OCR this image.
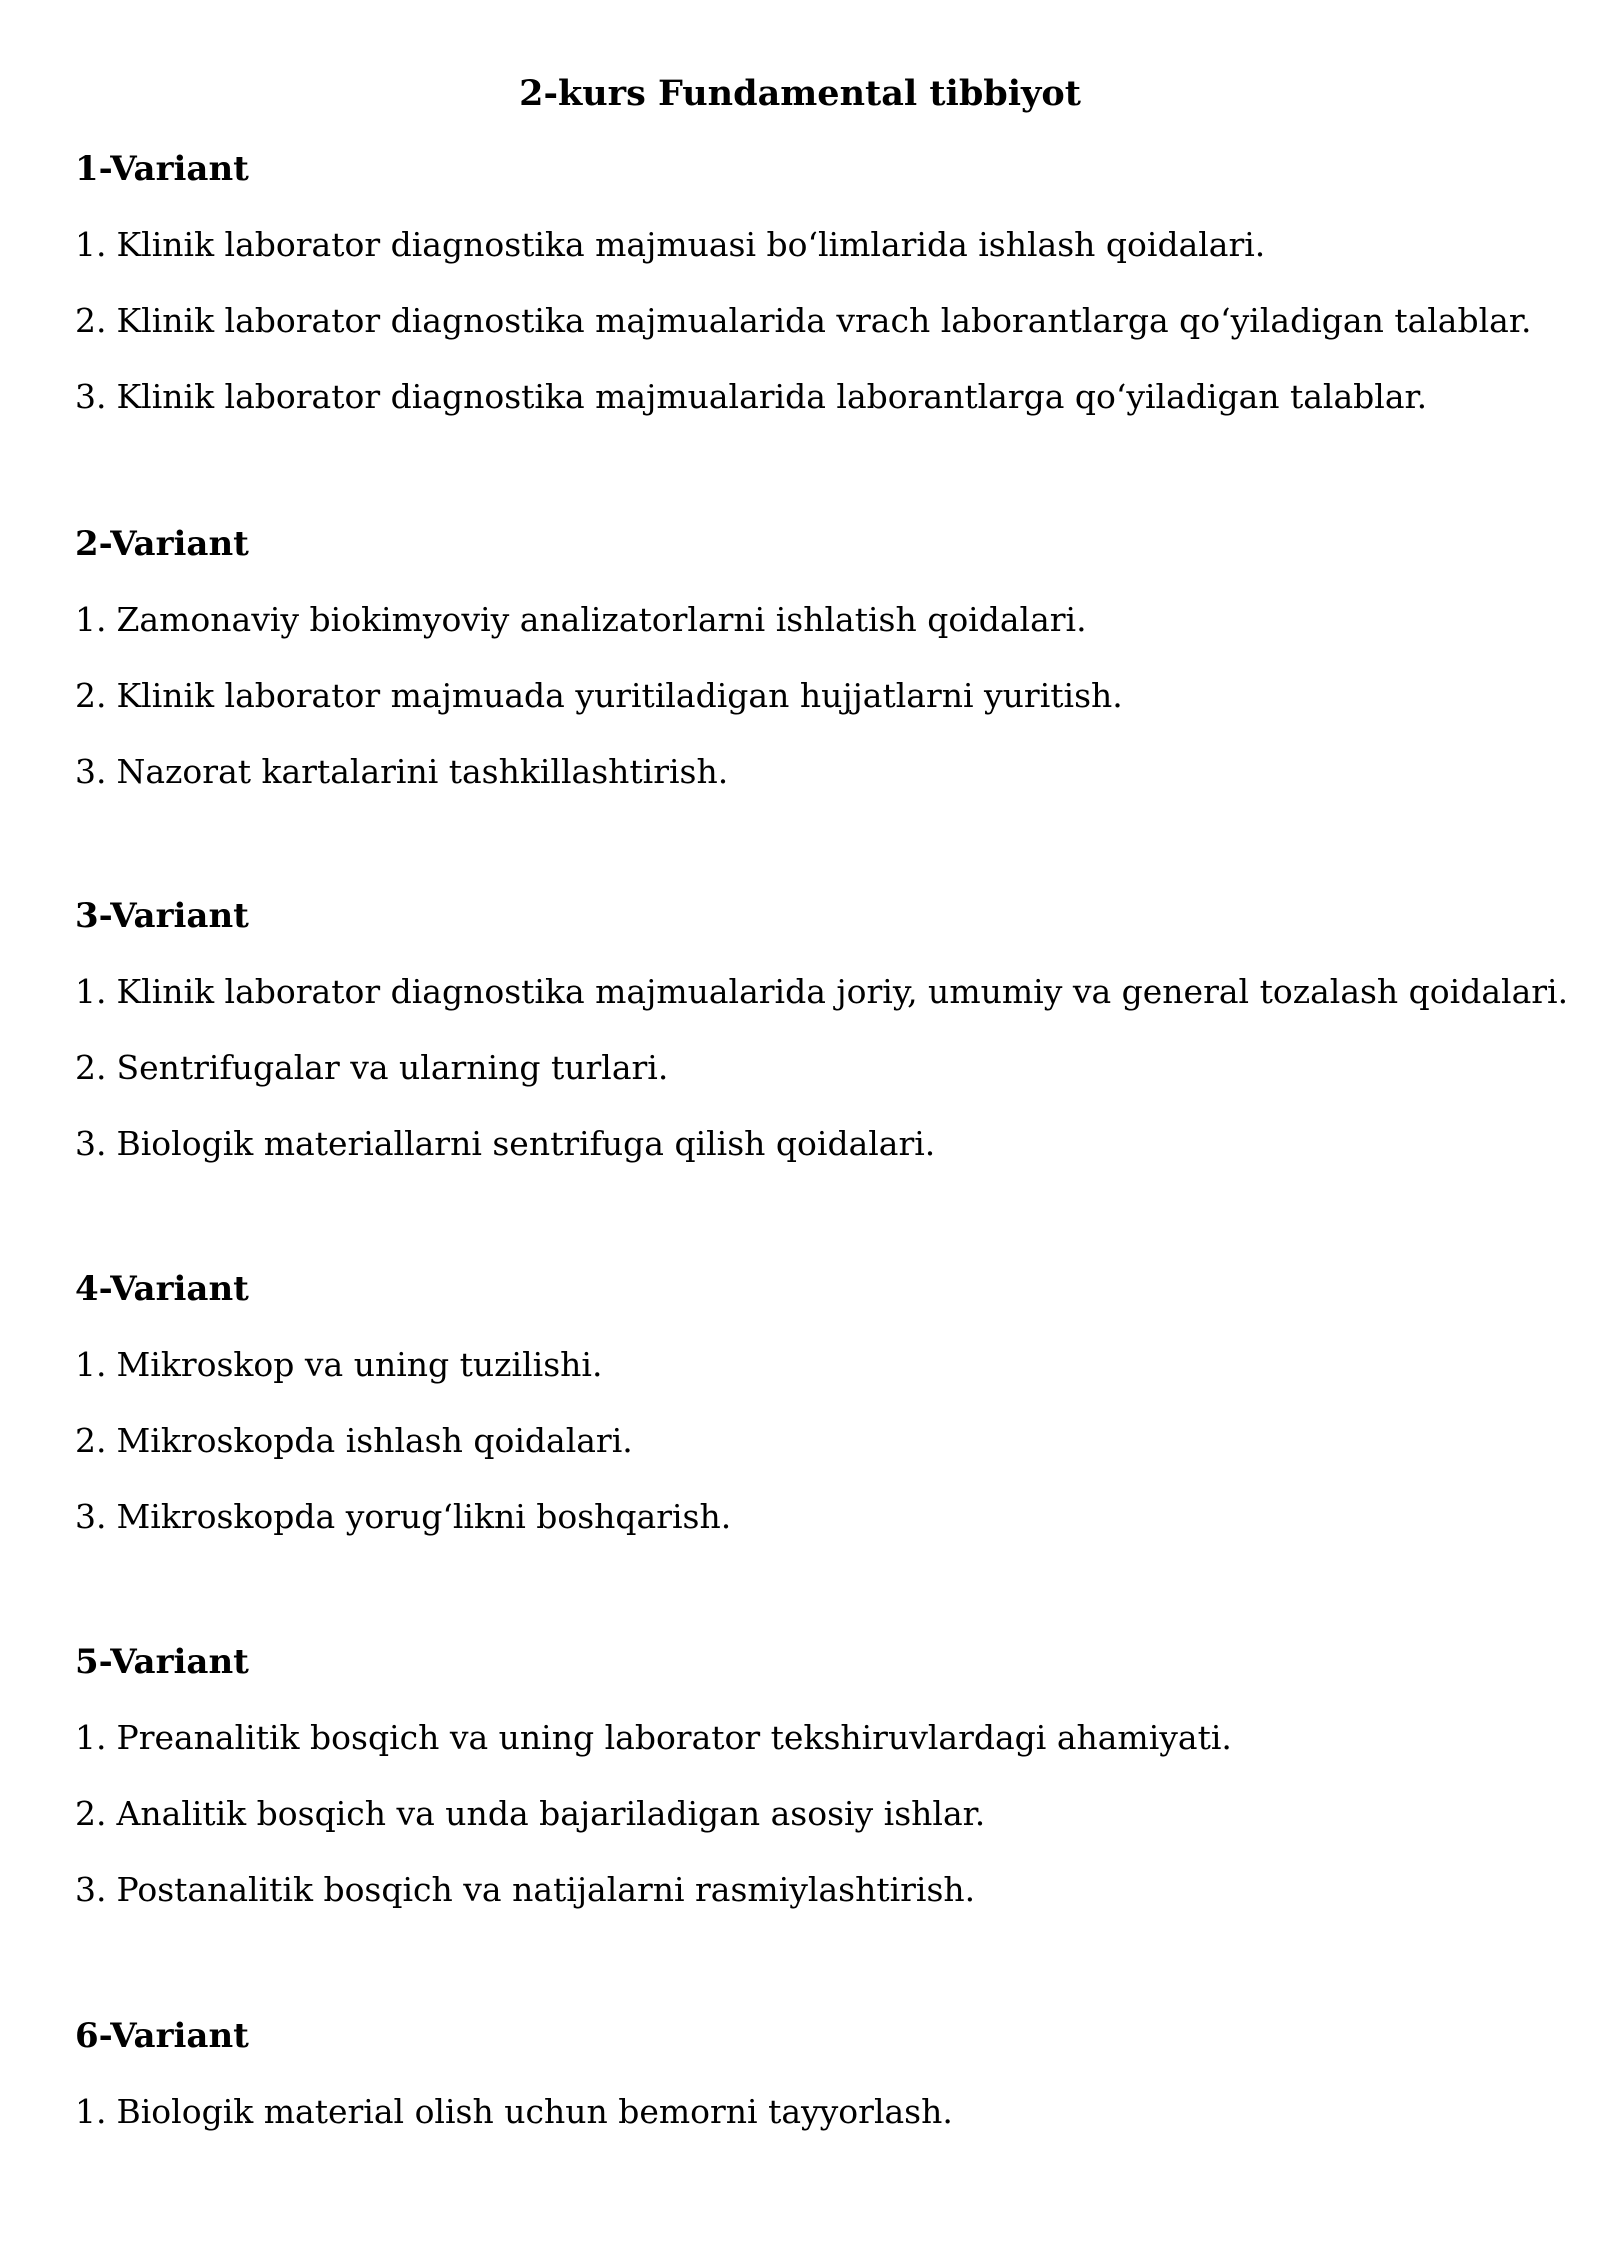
2-kurs Fundamental tibbiyot

1-Variant

1. Klinik laborator diagnostika majmuasi bo‘limlarida ishlash qoidalari.

2. Klinik laborator diagnostika majmualarida vrach laborantlarga qo‘yiladigan talablar.

3. Klinik laborator diagnostika majmualarida laborantlarga qo‘yiladigan talablar.

2-Variant

1. Zamonaviy biokimyoviy analizatorlarni ishlatish qoidalari.

2. Klinik laborator majmuada yuritiladigan hujjatlarni yuritish.

3. Nazorat kartalarini tashkillashtirish.

3-Variant

1. Klinik laborator diagnostika majmualarida joriy, umumiy va general tozalash qoidalari.

2. Sentrifugalar va ularning turlari.

3. Biologik materiallarni sentrifuga qilish qoidalari.

4-Variant

1. Mikroskop va uning tuzilishi.

2. Mikroskopda ishlash qoidalari.

3. Mikroskopda yorug‘likni boshqarish.

5-Variant

1. Preanalitik bosqich va uning laborator tekshiruvlardagi ahamiyati.

2. Analitik bosqich va unda bajariladigan asosiy ishlar.

3. Postanalitik bosqich va natijalarni rasmiylashtirish.

6-Variant

1. Biologik material olish uchun bemorni tayyorlash.
